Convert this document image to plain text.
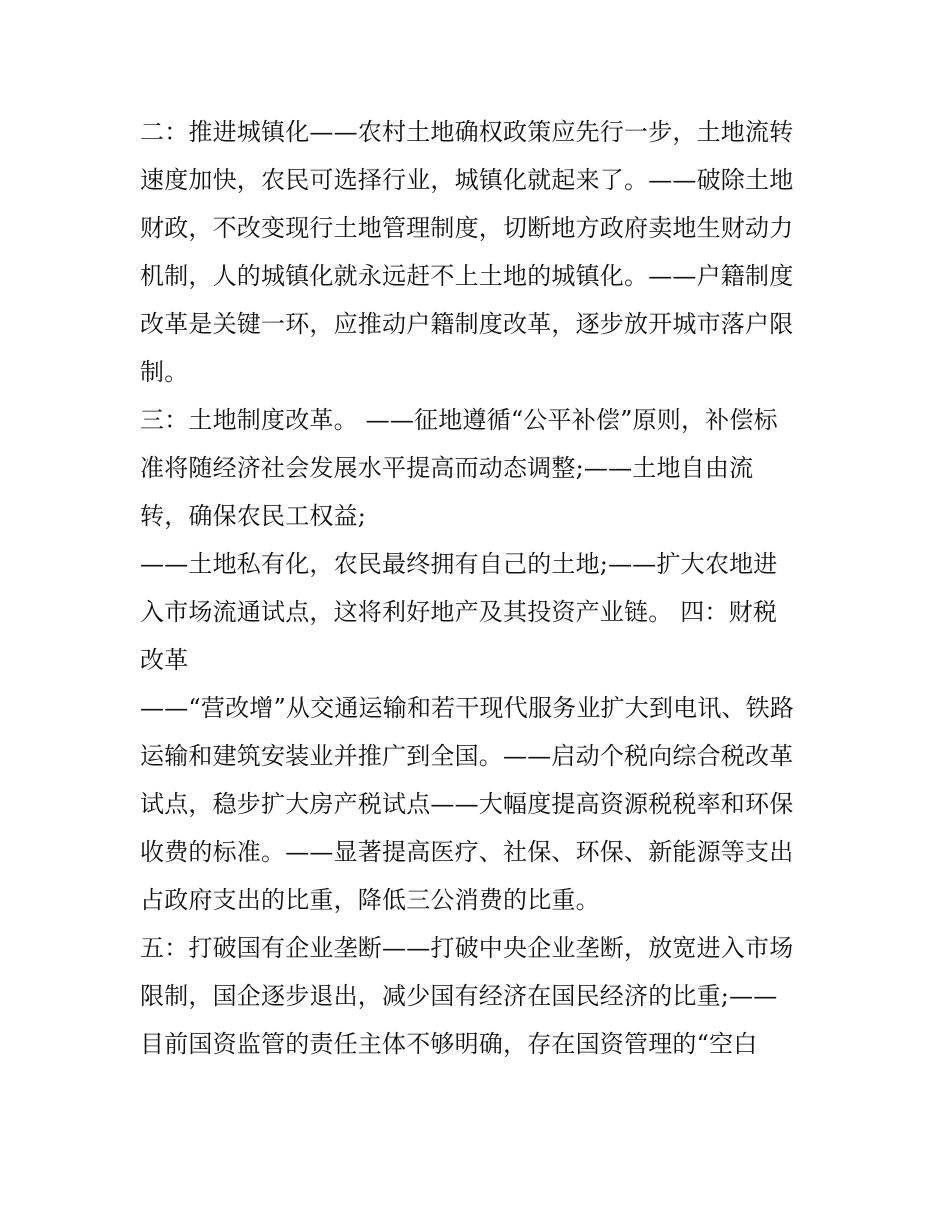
二：推进城镇化——农村土地确权政策应先行一步，土地流转
速度加快，农民可选择行业，城镇化就起来了。——破除土地
财政，不改变现行土地管理制度，切断地方政府卖地生财动力
机制，人的城镇化就永远赶不上土地的城镇化。——户籍制度
改革是关键一环，应推动户籍制度改革，逐步放开城市落户限
制。
三：土地制度改革。 ——征地遵循“公平补偿”原则，补偿标
准将随经济社会发展水平提高而动态调整;——土地自由流
转，确保农民工权益;
——土地私有化，农民最终拥有自己的土地;——扩大农地进
入市场流通试点，这将利好地产及其投资产业链。 四：财税
改革
——“营改增”从交通运输和若干现代服务业扩大到电讯、铁路
运输和建筑安装业并推广到全国。——启动个税向综合税改革
试点，稳步扩大房产税试点——大幅度提高资源税税率和环保
收费的标准。——显著提高医疗、社保、环保、新能源等支出
占政府支出的比重，降低三公消费的比重。
五：打破国有企业垄断——打破中央企业垄断，放宽进入市场
限制，国企逐步退出，减少国有经济在国民经济的比重;——
目前国资监管的责任主体不够明确，存在国资管理的“空白
